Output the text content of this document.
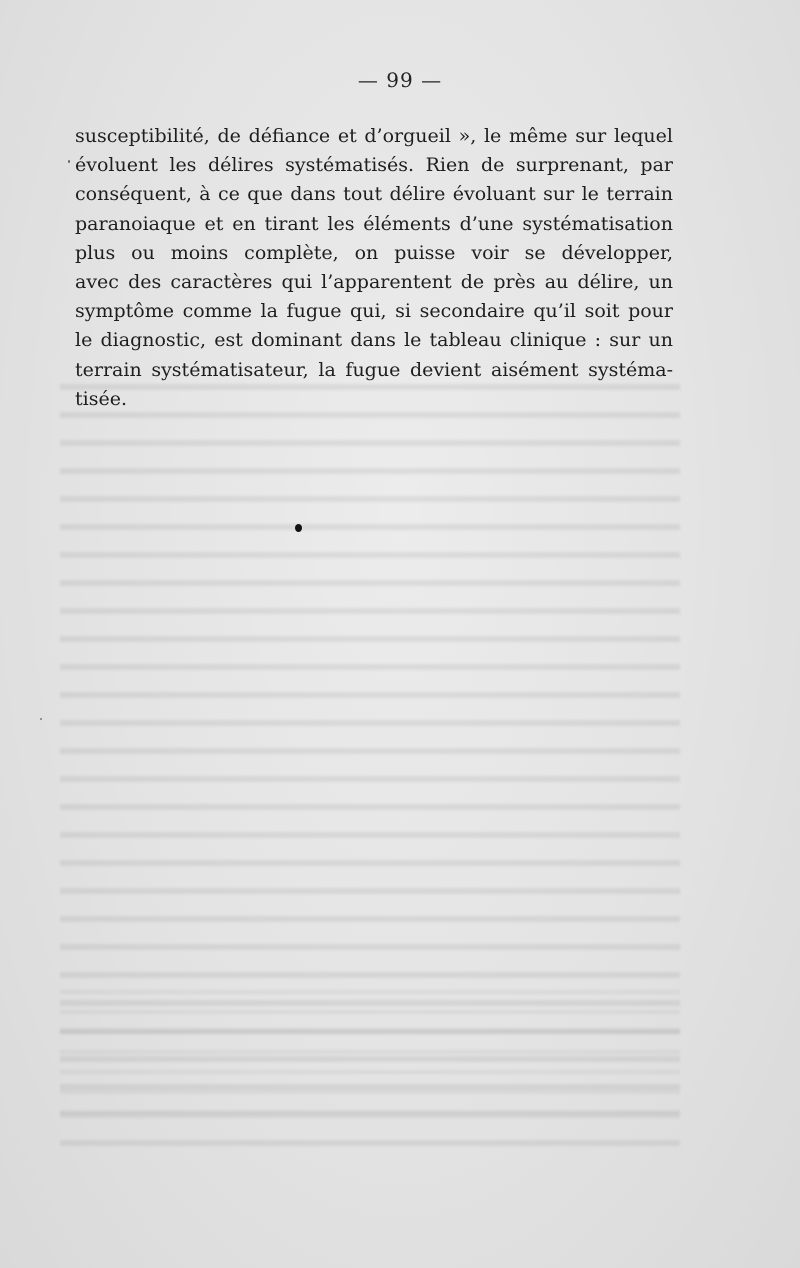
— 99 —
susceptibilité, de défiance et d’orgueil », le même sur lequel
évoluent les délires systématisés. Rien de surprenant, par
conséquent, à ce que dans tout délire évoluant sur le terrain
paranoiaque et en tirant les éléments d’une systématisation
plus ou moins complète, on puisse voir se développer,
avec des caractères qui l’apparentent de près au délire, un
symptôme comme la fugue qui, si secondaire qu’il soit pour
le diagnostic, est dominant dans le tableau clinique : sur un
terrain systématisateur, la fugue devient aisément systéma-
tisée.
